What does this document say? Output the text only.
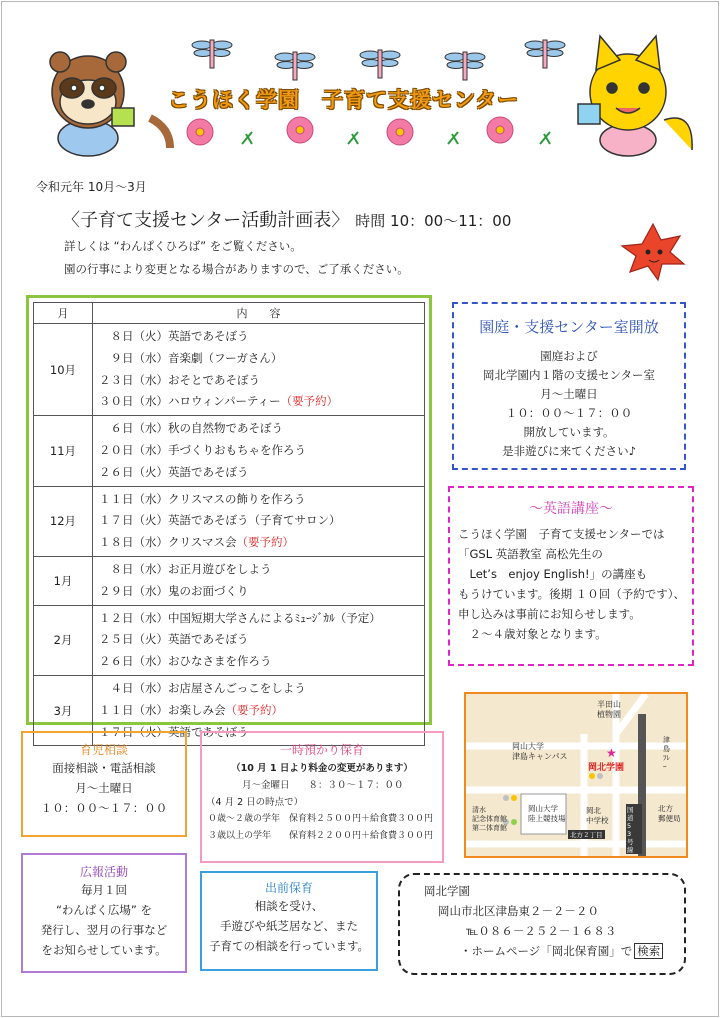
こうほく学園　 子育て支援センター
令和元年 10月～3月
〈子育て支援センター活動計画表〉 時間 10：00～11：00
詳しくは “わんぱくひろば” をご覧ください。
園の行事により変更となる場合がありますので、ご了承ください。
月	内　　容
10月	　８日（火）英語であそぼう
　９日（水）音楽劇（フーガさん）
２３日（水）おそとであそぼう
３０日（水）ハロウィンパーティー（要予約）

11月	　６日（水）秋の自然物であそぼう
２０日（水）手づくりおもちゃを作ろう
２６日（火）英語であそぼう

12月	１１日（水）クリスマスの飾りを作ろう
１７日（火）英語であそぼう（子育てサロン）
１８日（水）クリスマス会（要予約）

1月	　８日（水）お正月遊びをしよう
２９日（水）鬼のお面づくり

2月	１２日（水）中国短期大学さんによるﾐｭｰｼﾞｶﾙ（予定）
２５日（火）英語であそぼう
２６日（水）おひなさまを作ろう

3月	　４日（水）お店屋さんごっこをしよう
１１日（水）お楽しみ会（要予約）
１７日（火）英語であそぼう
園庭・支援センター室開放
園庭および
岡北学園内１階の支援センター室
月～土曜日
１０：００～１７：００
開放しています。
是非遊びに来てください♪
～英語講座～
こうほく学園　子育て支援センターでは
「GSL 英語教室 高松先生の
　Let’s　enjoy English!」の講座も
もうけています。後期 １０回（予約です）、
申し込みは事前にお知らせします。
　２～４歳対象となります。
半田山
植物園
岡山大学
津島キャンパス	★
岡北学園
清水
記念体育館
第二体育館
岡山大学
陸上競技場
岡北
中学校
北方
郵便局
津島ﾌﾚｰ
国道53号線
北方２丁目
育児相談
面接相談・電話相談
月～土曜日
１０：００～１７：００
広報活動
毎月１回
“わんぱく広場” を
発行し、翌月の行事など
をお知らせしています。
一時預かり保育
（10 月 1 日より料金の変更があります）
月～金曜日　　８：３０～１７：００
（4 月 2 日の時点で）
０歳～２歳の学年　保育料２５００円＋給食費３００円
３歳以上の学年　　保育料２２００円＋給食費３００円
出前保育
相談を受け、
手遊びや紙芝居など、また
子育ての相談を行っています。
岡北学園
岡山市北区津島東２－２－２０
℡０８６－２５２－１６８３
・ホームページ「岡北保育園」で 検索
